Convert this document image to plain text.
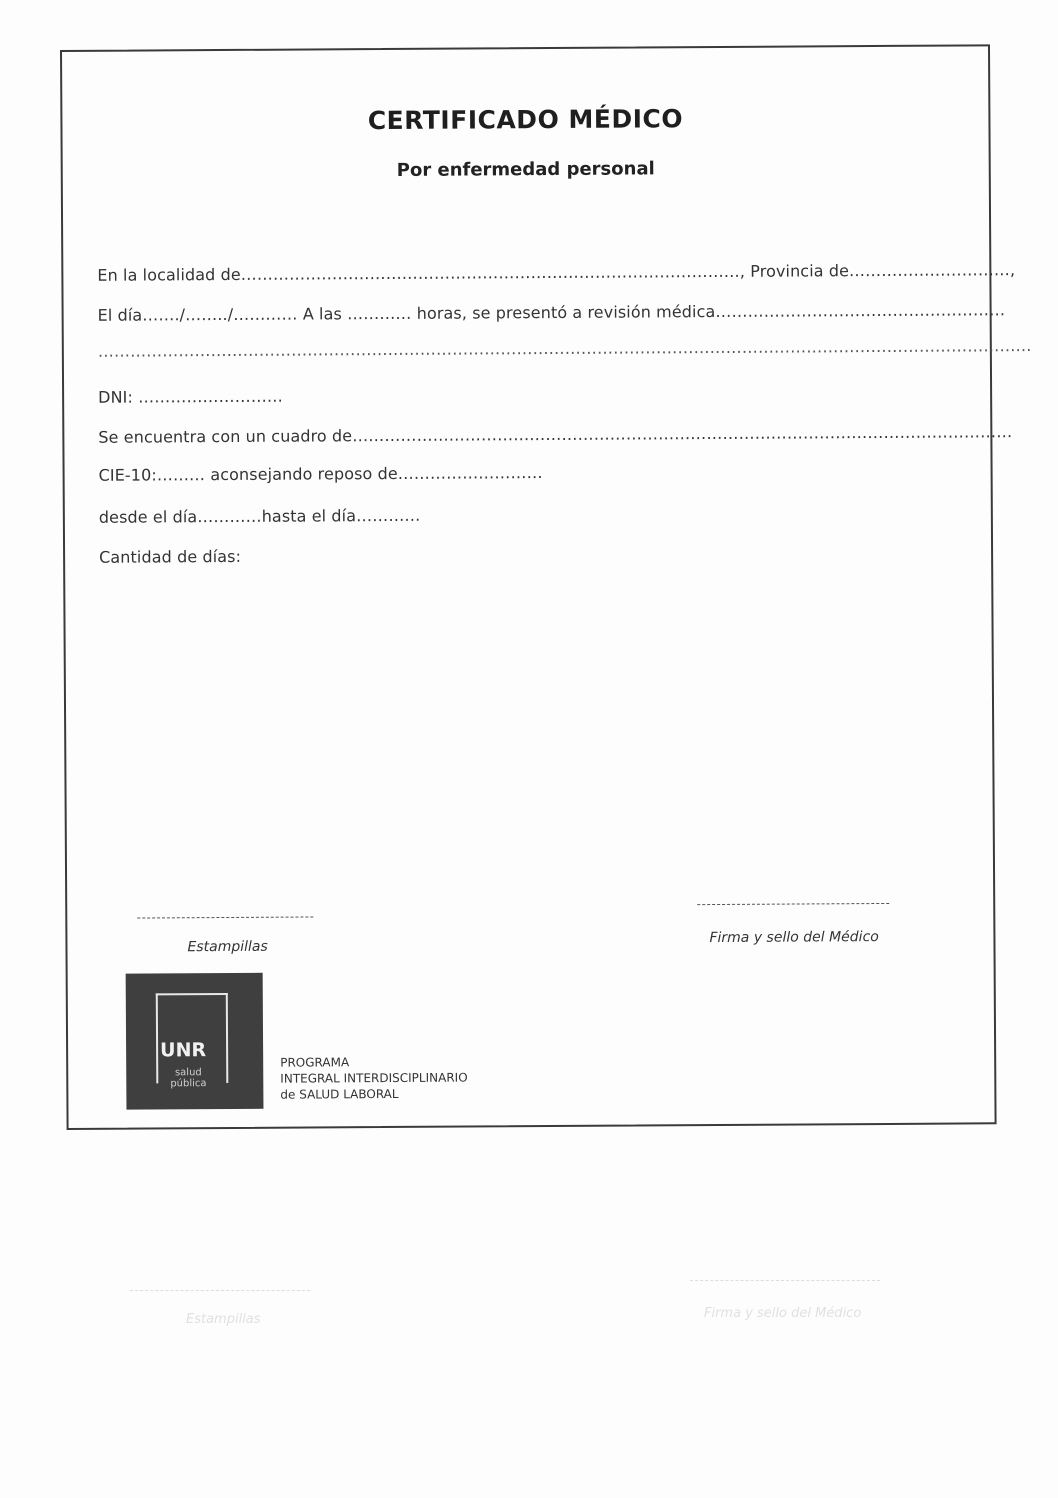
CERTIFICADO MÉDICO
Por enfermedad personal
En la localidad de…………………………………………………………………………………, Provincia de…………………………,
El día……./……../………… A las ………… horas, se presentó a revisión médica………………………………………………
…………………………………………………………………………………………………………………………………………………………
DNI: ………………………
Se encuentra con un cuadro de……………………………………………………………………………………………………………
CIE-10:……… aconsejando reposo de………………………
desde el día…………hasta el día…………
Cantidad de días:
Estampillas
Firma y sello del Médico
UNR
salud
pública
PROGRAMA
INTEGRAL INTERDISCIPLINARIO
de SALUD LABORAL
Estampillas	Firma y sello del Médico
